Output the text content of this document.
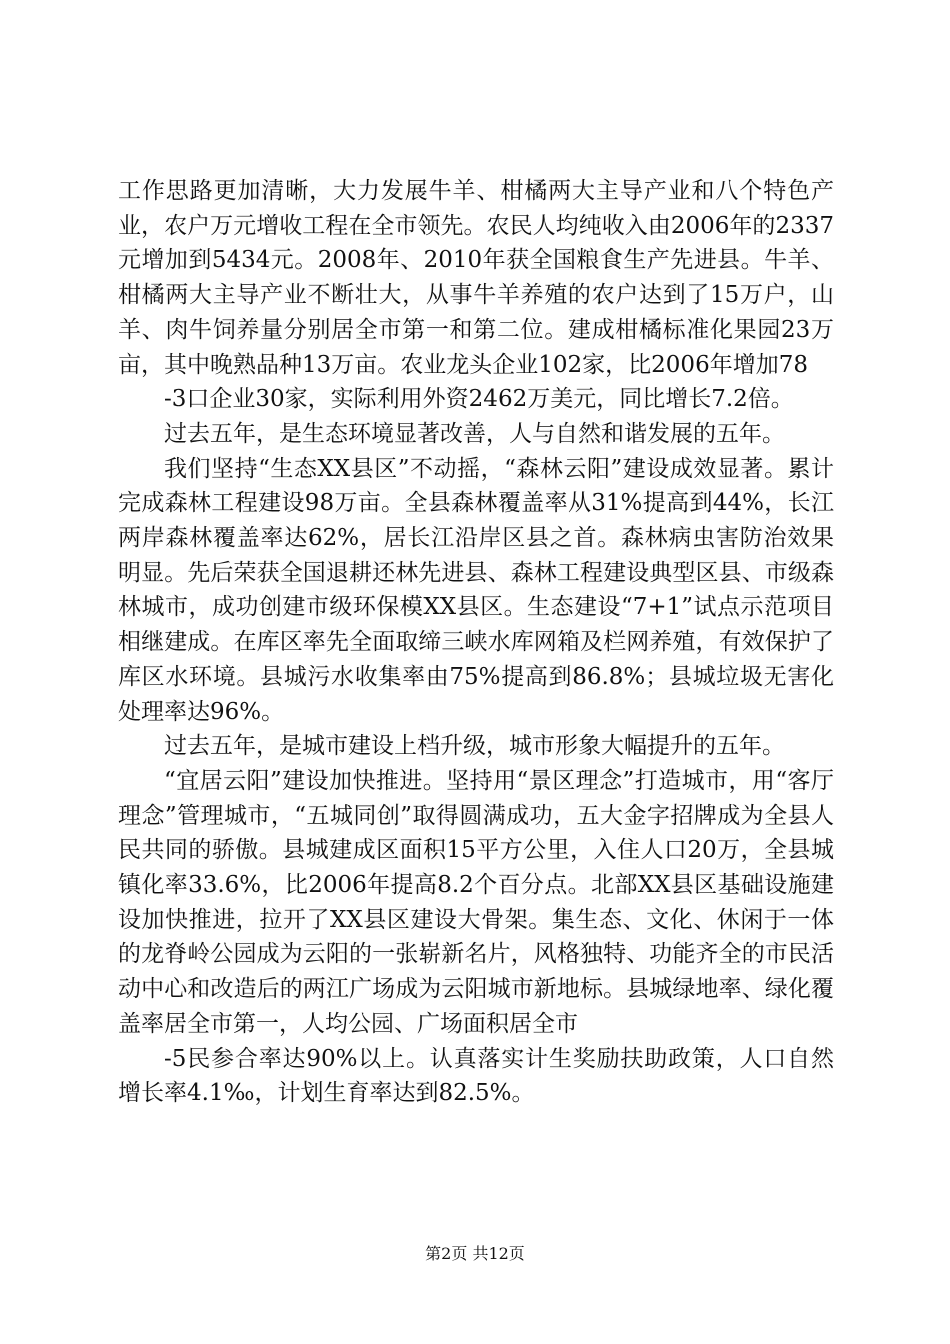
工作思路更加清晰，大力发展牛羊、柑橘两大主导产业和八个特色产业，农户万元增收工程在全市领先。农民人均纯收入由2006年的2337元增加到5434元。2008年、2010年获全国粮食生产先进县。牛羊、柑橘两大主导产业不断壮大，从事牛羊养殖的农户达到了15万户，山羊、肉牛饲养量分别居全市第一和第二位。建成柑橘标准化果园23万亩，其中晚熟品种13万亩。农业龙头企业102家，比2006年增加78

-3口企业30家，实际利用外资2462万美元，同比增长7.2倍。

过去五年，是生态环境显著改善，人与自然和谐发展的五年。

我们坚持“生态XX县区”不动摇，“森林云阳”建设成效显著。累计完成森林工程建设98万亩。全县森林覆盖率从31%提高到44%，长江两岸森林覆盖率达62%，居长江沿岸区县之首。森林病虫害防治效果明显。先后荣获全国退耕还林先进县、森林工程建设典型区县、市级森林城市，成功创建市级环保模XX县区。生态建设“7+1”试点示范项目相继建成。在库区率先全面取缔三峡水库网箱及栏网养殖，有效保护了库区水环境。县城污水收集率由75%提高到86.8%；县城垃圾无害化处理率达96%。

过去五年，是城市建设上档升级，城市形象大幅提升的五年。

“宜居云阳”建设加快推进。坚持用“景区理念”打造城市，用“客厅理念”管理城市，“五城同创”取得圆满成功，五大金字招牌成为全县人民共同的骄傲。县城建成区面积15平方公里，入住人口20万，全县城镇化率33.6%，比2006年提高8.2个百分点。北部XX县区基础设施建设加快推进，拉开了XX县区建设大骨架。集生态、文化、休闲于一体的龙脊岭公园成为云阳的一张崭新名片，风格独特、功能齐全的市民活动中心和改造后的两江广场成为云阳城市新地标。县城绿地率、绿化覆盖率居全市第一，人均公园、广场面积居全市

-5民参合率达90%以上。认真落实计生奖励扶助政策，人口自然增长率4.1‰，计划生育率达到82.5%。

第2页 共12页
